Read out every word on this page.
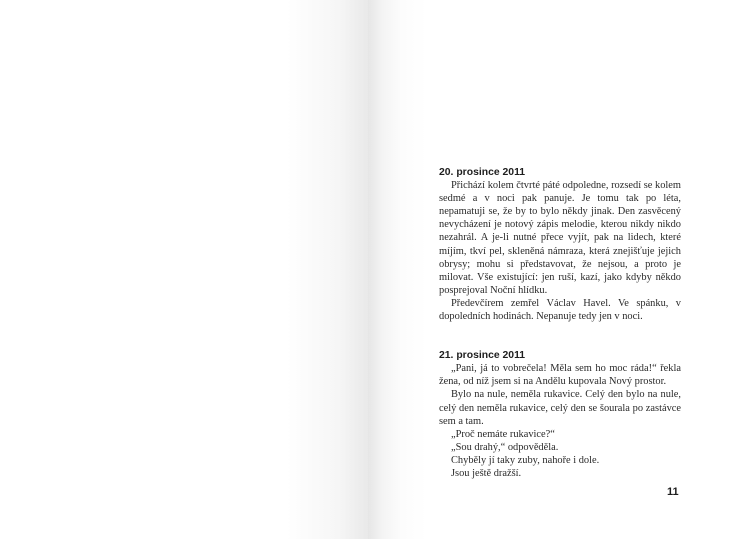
20. prosince 2011

Přichází kolem čtvrté páté odpoledne, rozsedí se kolem sedmé a v noci pak panuje. Je tomu tak po léta, nepamatuji se, že by to bylo někdy jinak. Den zasvěcený nevycházení je notový zápis melodie, kterou nikdy nikdo nezahrál. A je-li nutné přece vyjít, pak na lidech, které míjím, tkví pel, skleněná námraza, která znejišťuje jejich obrysy; mohu si představovat, že nejsou, a proto je milovat. Vše existující: jen ruší, kazí, jako kdyby někdo posprejoval Noční hlídku.

Předevčírem zemřel Václav Havel. Ve spánku, v dopoledních hodinách. Nepanuje tedy jen v noci.

21. prosince 2011

„Pani, já to vobrečela! Měla sem ho moc ráda!“ řekla žena, od níž jsem si na Andělu kupovala Nový prostor.

Bylo na nule, neměla rukavice. Celý den bylo na nule, celý den neměla rukavice, celý den se šourala po zastávce sem a tam.

„Proč nemáte rukavice?“

„Sou drahý,“ odpověděla.

Chyběly jí taky zuby, nahoře i dole.

Jsou ještě dražší.

11
